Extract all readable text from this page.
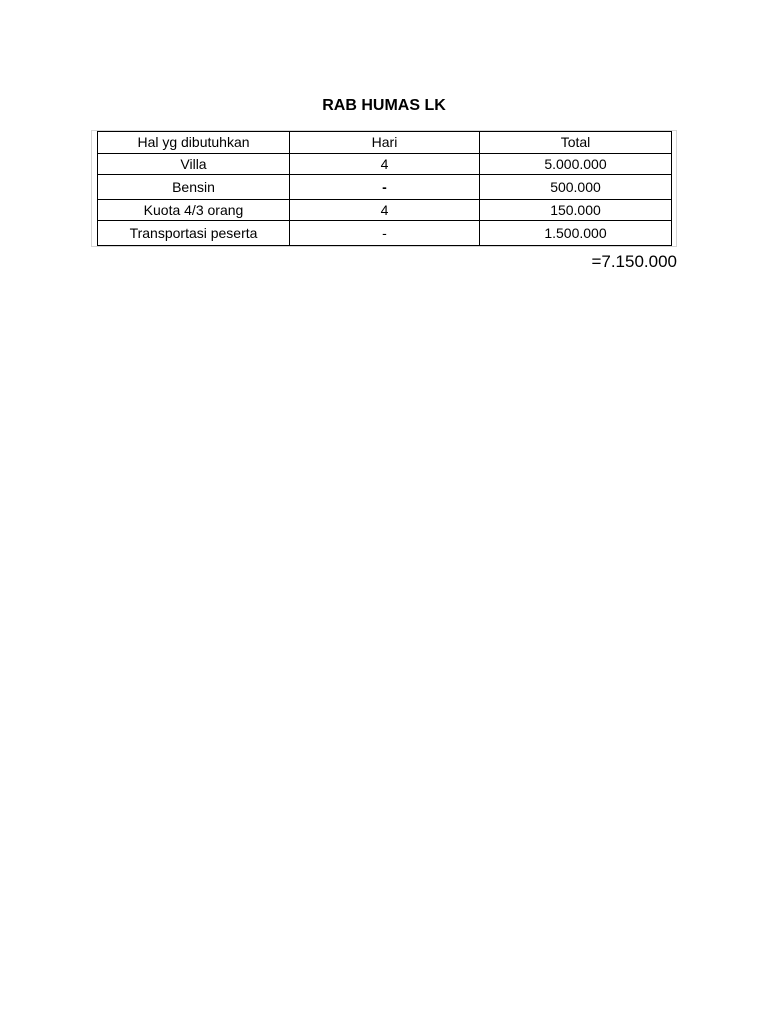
RAB HUMAS LK
Hal yg dibutuhkan	Hari	Total
Villa	4	5.000.000
Bensin	-	500.000
Kuota 4/3 orang	4	150.000
Transportasi peserta	-	1.500.000
=7.150.000
